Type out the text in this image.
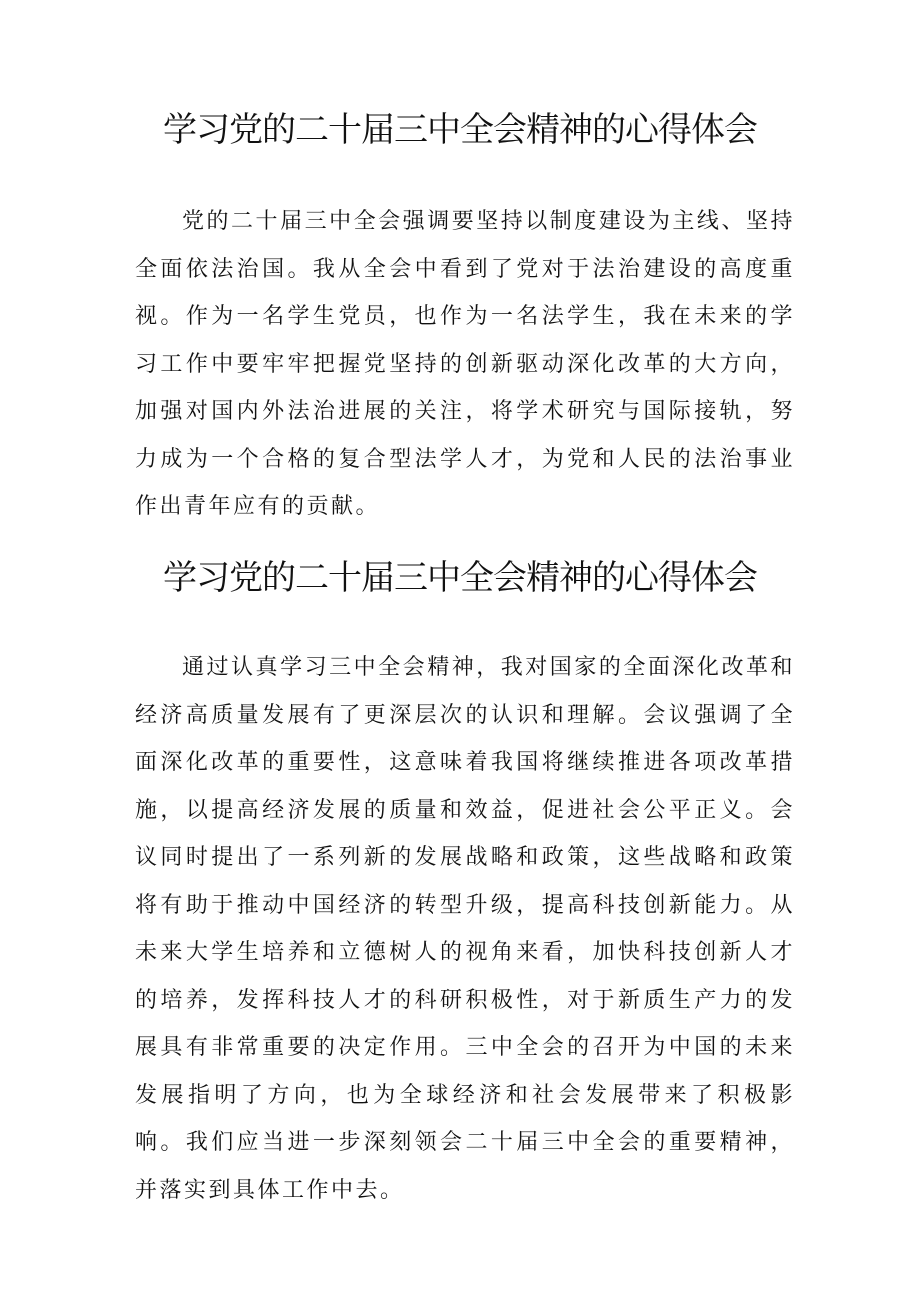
学习党的二十届三中全会精神的心得体会

党的二十届三中全会强调要坚持以制度建设为主线、坚持全面依法治国。我从全会中看到了党对于法治建设的高度重视。作为一名学生党员，也作为一名法学生，我在未来的学习工作中要牢牢把握党坚持的创新驱动深化改革的大方向，加强对国内外法治进展的关注，将学术研究与国际接轨，努力成为一个合格的复合型法学人才，为党和人民的法治事业作出青年应有的贡献。

学习党的二十届三中全会精神的心得体会

通过认真学习三中全会精神，我对国家的全面深化改革和经济高质量发展有了更深层次的认识和理解。会议强调了全面深化改革的重要性，这意味着我国将继续推进各项改革措施，以提高经济发展的质量和效益，促进社会公平正义。会议同时提出了一系列新的发展战略和政策，这些战略和政策将有助于推动中国经济的转型升级，提高科技创新能力。从未来大学生培养和立德树人的视角来看，加快科技创新人才的培养，发挥科技人才的科研积极性，对于新质生产力的发展具有非常重要的决定作用。三中全会的召开为中国的未来发展指明了方向，也为全球经济和社会发展带来了积极影响。我们应当进一步深刻领会二十届三中全会的重要精神，并落实到具体工作中去。
